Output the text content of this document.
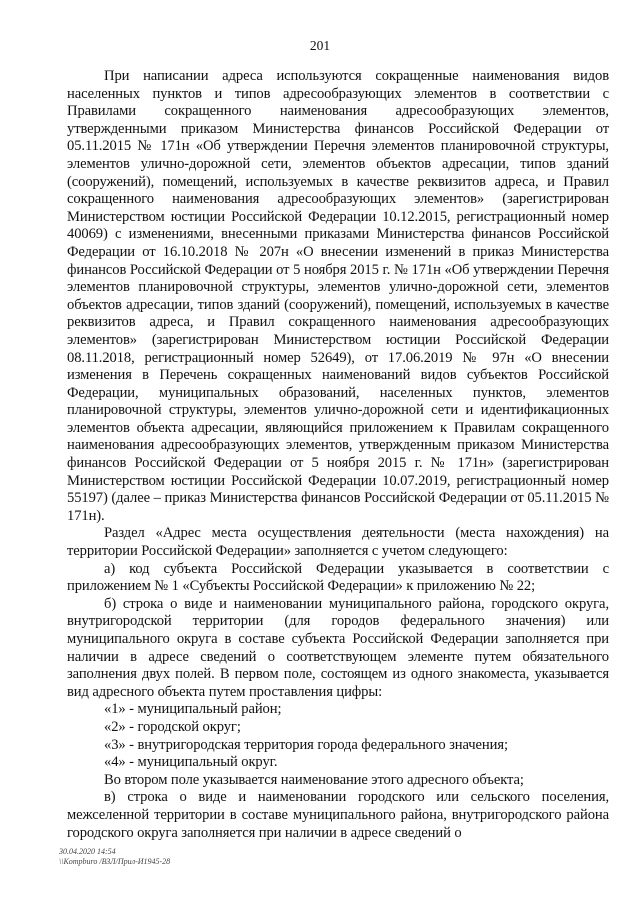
201

При написании адреса используются сокращенные наименования видов населенных пунктов и типов адресообразующих элементов в соответствии с Правилами сокращенного наименования адресообразующих элементов, утвержденными приказом Министерства финансов Российской Федерации от 05.11.2015 № 171н «Об утверждении Перечня элементов планировочной структуры, элементов улично-дорожной сети, элементов объектов адресации, типов зданий (сооружений), помещений, используемых в качестве реквизитов адреса, и Правил сокращенного наименования адресообразующих элементов» (зарегистрирован Министерством юстиции Российской Федерации 10.12.2015, регистрационный номер 40069) с изменениями, внесенными приказами Министерства финансов Российской Федерации от 16.10.2018 № 207н «О внесении изменений в приказ Министерства финансов Российской Федерации от 5 ноября 2015 г. № 171н «Об утверждении Перечня элементов планировочной структуры, элементов улично-дорожной сети, элементов объектов адресации, типов зданий (сооружений), помещений, используемых в качестве реквизитов адреса, и Правил сокращенного наименования адресообразующих элементов» (зарегистрирован Министерством юстиции Российской Федерации 08.11.2018, регистрационный номер 52649), от 17.06.2019 № 97н «О внесении изменения в Перечень сокращенных наименований видов субъектов Российской Федерации, муниципальных образований, населенных пунктов, элементов планировочной структуры, элементов улично-дорожной сети и идентификационных элементов объекта адресации, являющийся приложением к Правилам сокращенного наименования адресообразующих элементов, утвержденным приказом Министерства финансов Российской Федерации от 5 ноября 2015 г. № 171н» (зарегистрирован Министерством юстиции Российской Федерации 10.07.2019, регистрационный номер 55197) (далее – приказ Министерства финансов Российской Федерации от 05.11.2015 № 171н).

Раздел «Адрес места осуществления деятельности (места нахождения) на территории Российской Федерации» заполняется с учетом следующего:

а) код субъекта Российской Федерации указывается в соответствии с приложением № 1 «Субъекты Российской Федерации» к приложению № 22;

б) строка о виде и наименовании муниципального района, городского округа, внутригородской территории (для городов федерального значения) или муниципального округа в составе субъекта Российской Федерации заполняется при наличии в адресе сведений о соответствующем элементе путем обязательного заполнения двух полей. В первом поле, состоящем из одного знакоместа, указывается вид адресного объекта путем проставления цифры:

«1» - муниципальный район;

«2» - городской округ;

«3» - внутригородская территория города федерального значения;

«4» - муниципальный округ.

Во втором поле указывается наименование этого адресного объекта;

в) строка о виде и наименовании городского или сельского поселения, межселенной территории в составе муниципального района, внутригородского района городского округа заполняется при наличии в адресе сведений о

30.04.2020 14:54
\\Kompburo /ВЗЛ/Прил-И1945-28
